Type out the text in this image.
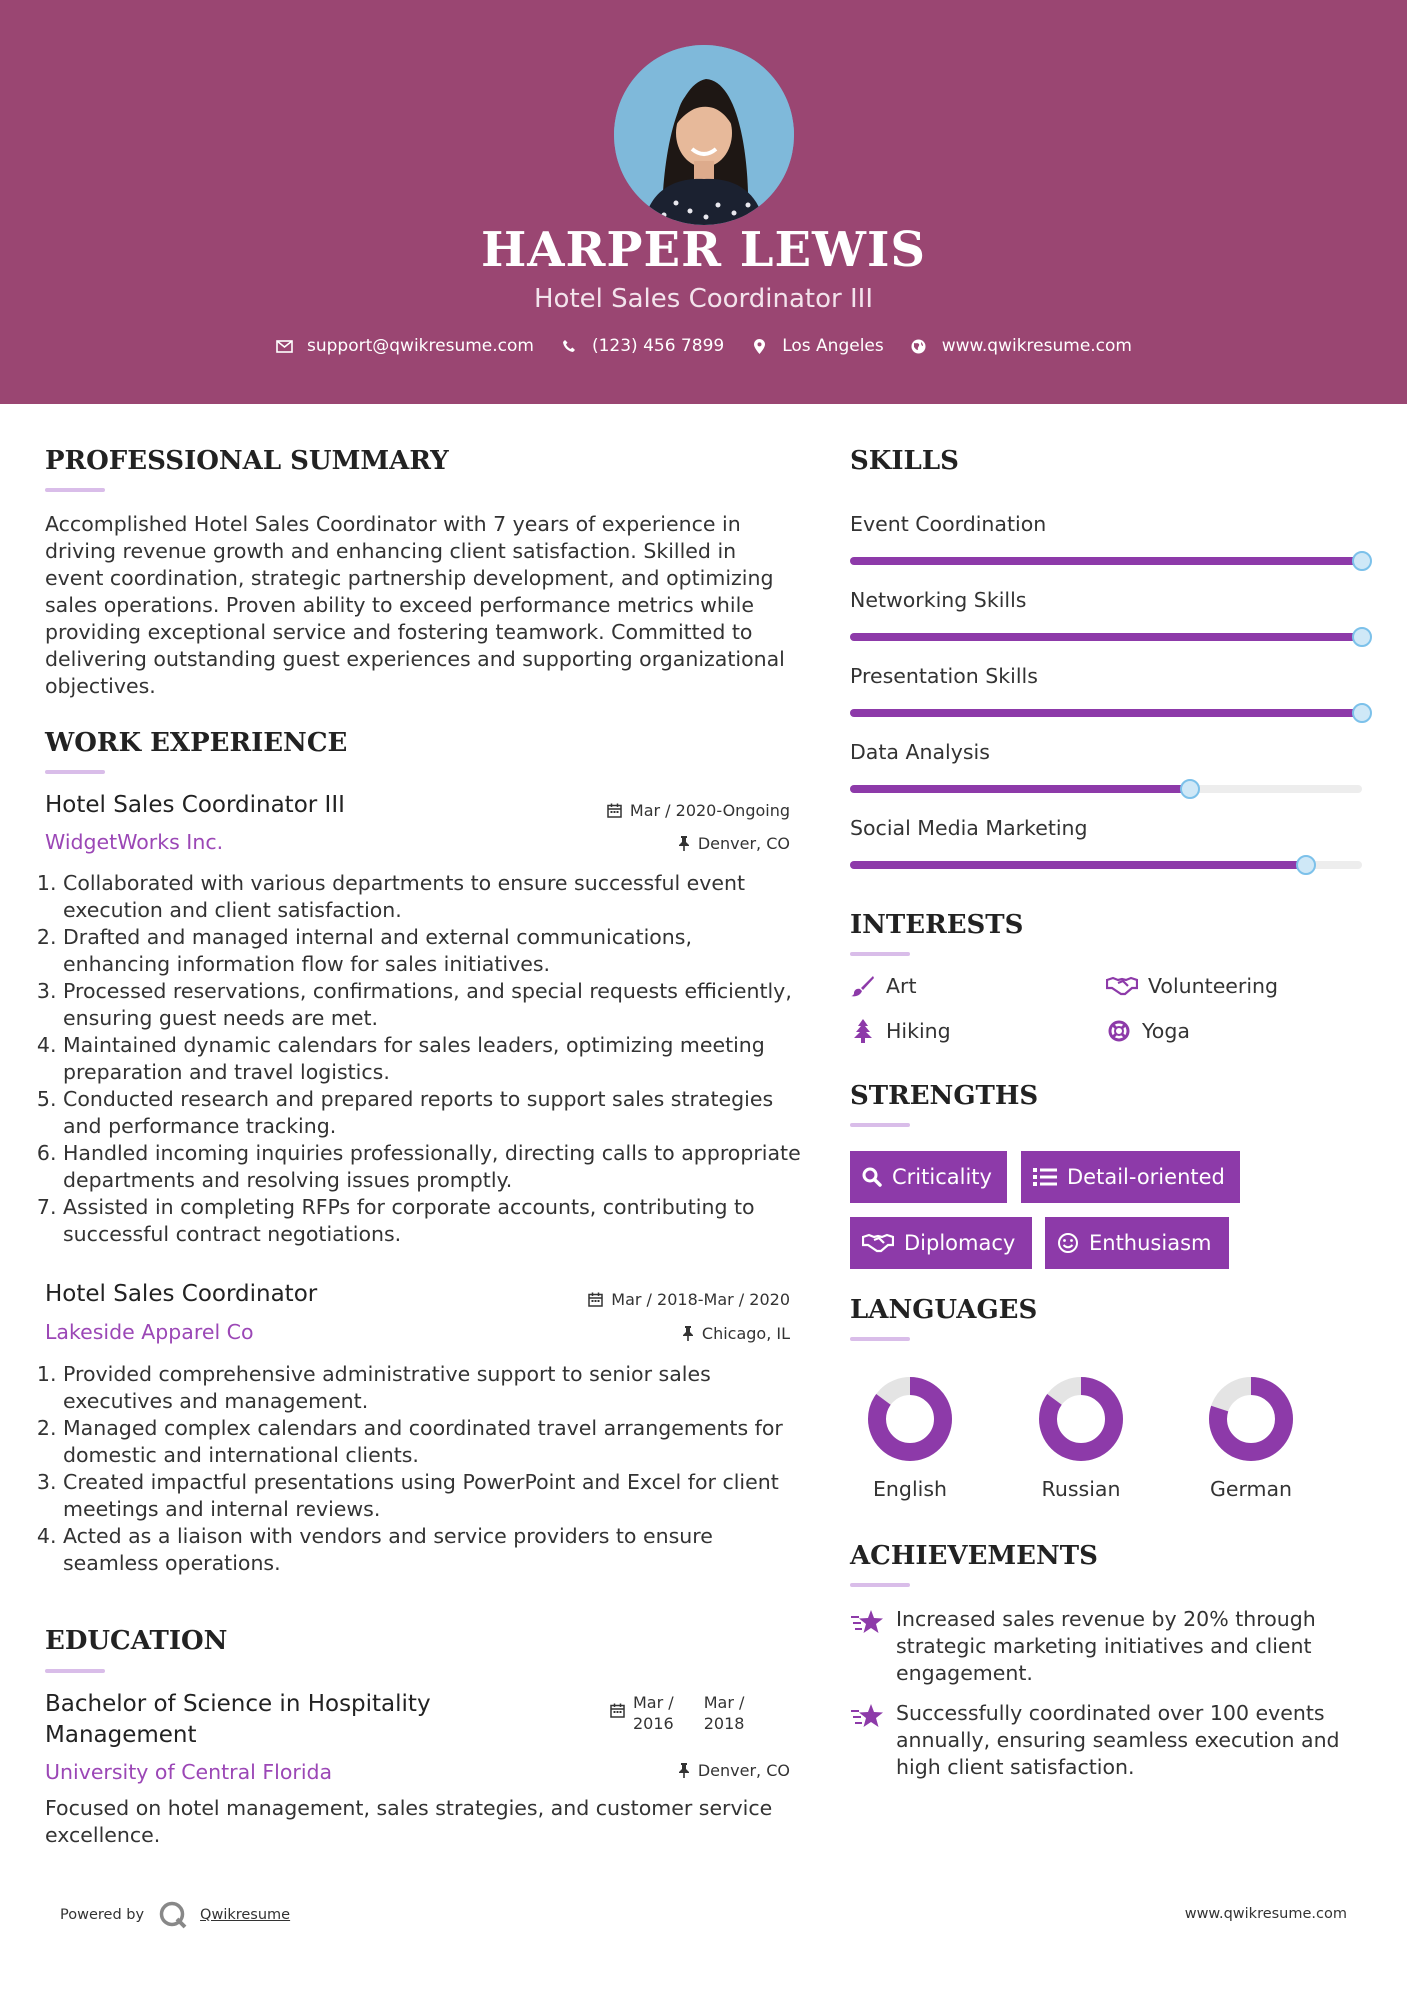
HARPER LEWIS
Hotel Sales Coordinator III
support@qwikresume.com	(123) 456 7899	Los Angeles	www.qwikresume.com
PROFESSIONAL SUMMARY
Accomplished Hotel Sales Coordinator with 7 years of experience in driving revenue growth and enhancing client satisfaction. Skilled in event coordination, strategic partnership development, and optimizing sales operations. Proven ability to exceed performance metrics while providing exceptional service and fostering teamwork. Committed to delivering outstanding guest experiences and supporting organizational objectives.
WORK EXPERIENCE
Hotel Sales Coordinator III	Mar / 2020-Ongoing
WidgetWorks Inc.	Denver, CO
1. Collaborated with various departments to ensure successful event execution and client satisfaction.
2. Drafted and managed internal and external communications, enhancing information flow for sales initiatives.
3. Processed reservations, confirmations, and special requests efficiently, ensuring guest needs are met.
4. Maintained dynamic calendars for sales leaders, optimizing meeting preparation and travel logistics.
5. Conducted research and prepared reports to support sales strategies and performance tracking.
6. Handled incoming inquiries professionally, directing calls to appropriate departments and resolving issues promptly.
7. Assisted in completing RFPs for corporate accounts, contributing to successful contract negotiations.
Hotel Sales Coordinator	Mar / 2018-Mar / 2020
Lakeside Apparel Co	Chicago, IL
1. Provided comprehensive administrative support to senior sales executives and management.
2. Managed complex calendars and coordinated travel arrangements for domestic and international clients.
3. Created impactful presentations using PowerPoint and Excel for client meetings and internal reviews.
4. Acted as a liaison with vendors and service providers to ensure seamless operations.
EDUCATION
Bachelor of Science in Hospitality
Management
Mar /
2016
Mar /
2018
University of Central Florida	Denver, CO
Focused on hotel management, sales strategies, and customer service excellence.
SKILLS
Event Coordination
Networking Skills
Presentation Skills
Data Analysis
Social Media Marketing
INTERESTS
Art	Volunteering
Hiking	Yoga
STRENGTHS
Criticality	Detail-oriented
Diplomacy	Enthusiasm
LANGUAGES
English	Russian	German
ACHIEVEMENTS
Increased sales revenue by 20% through strategic marketing initiatives and client engagement.
Successfully coordinated over 100 events annually, ensuring seamless execution and high client satisfaction.
Powered by	Qwikresume	www.qwikresume.com
